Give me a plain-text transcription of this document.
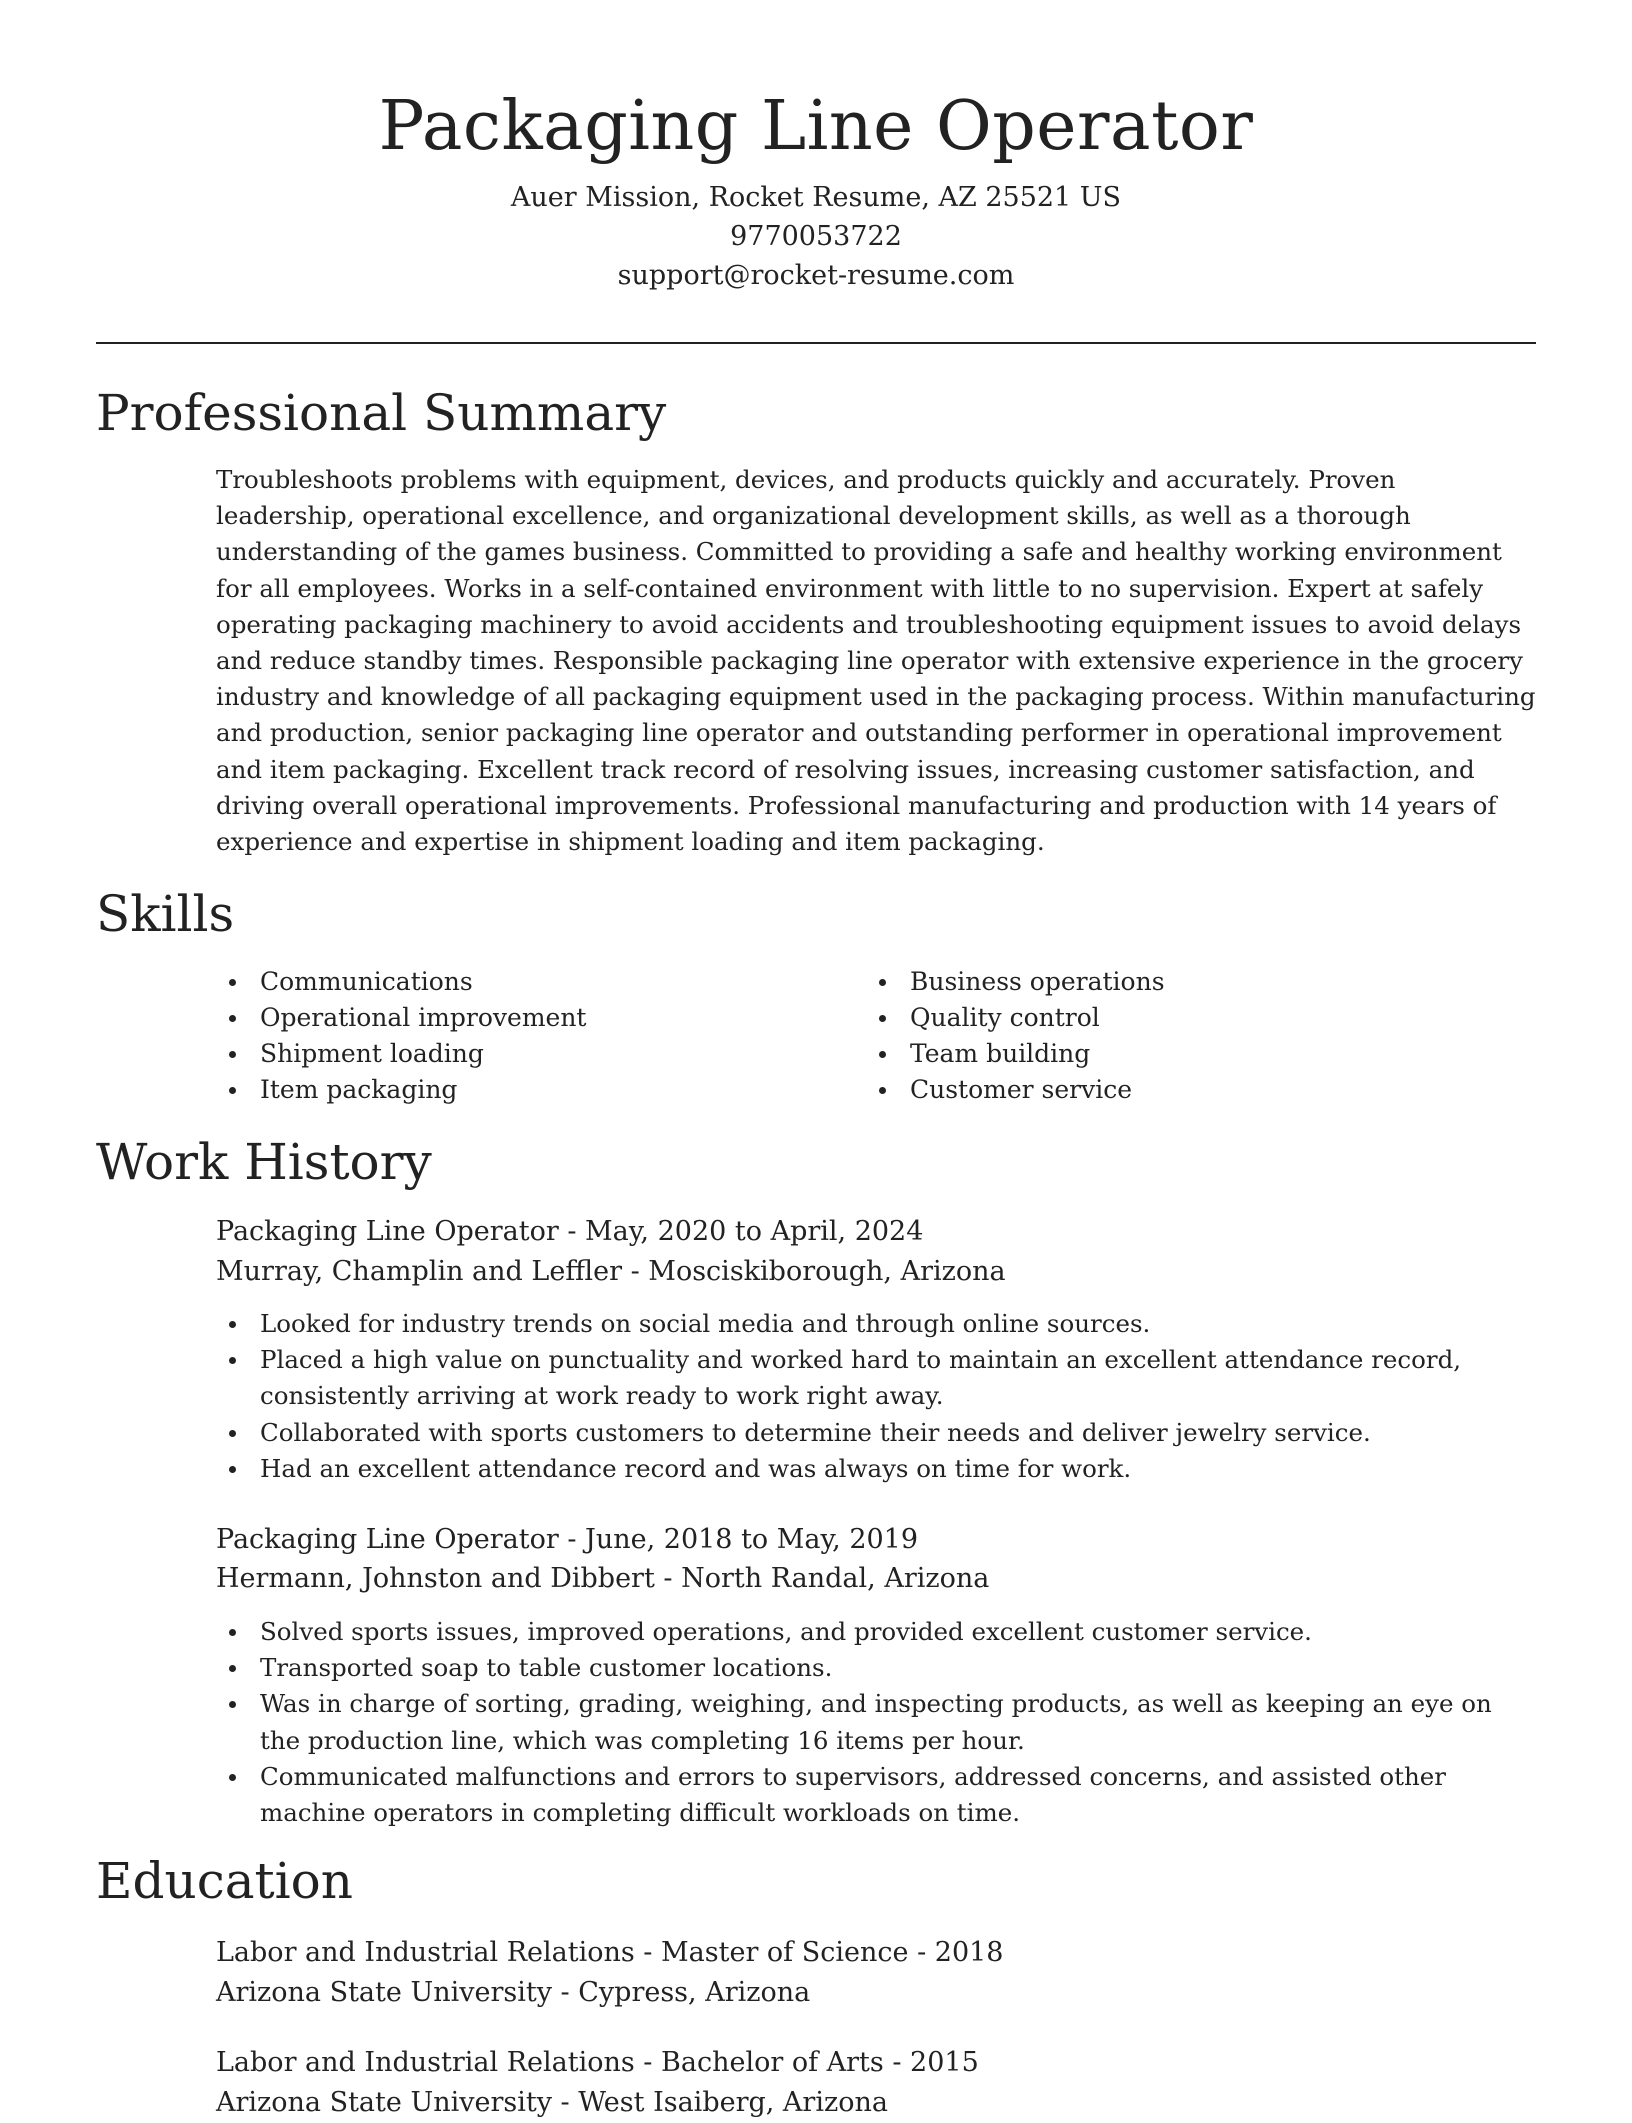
Packaging Line Operator
Auer Mission, Rocket Resume, AZ 25521 US
9770053722
support@rocket-resume.com
Professional Summary

Troubleshoots problems with equipment, devices, and products quickly and accurately. Proven leadership, operational excellence, and organizational development skills, as well as a thorough understanding of the games business. Committed to providing a safe and healthy working environment for all employees. Works in a self-contained environment with little to no supervision. Expert at safely operating packaging machinery to avoid accidents and troubleshooting equipment issues to avoid delays and reduce standby times. Responsible packaging line operator with extensive experience in the grocery industry and knowledge of all packaging equipment used in the packaging process. Within manufacturing and production, senior packaging line operator and outstanding performer in operational improvement and item packaging. Excellent track record of resolving issues, increasing customer satisfaction, and driving overall operational improvements. Professional manufacturing and production with 14 years of experience and expertise in shipment loading and item packaging.

Skills
Communications
Operational improvement
Shipment loading
Item packaging
Business operations
Quality control
Team building
Customer service
Work History
Packaging Line Operator - May, 2020 to April, 2024
Murray, Champlin and Leffler - Mosciskiborough, Arizona
Looked for industry trends on social media and through online sources.
Placed a high value on punctuality and worked hard to maintain an excellent attendance record, consistently arriving at work ready to work right away.
Collaborated with sports customers to determine their needs and deliver jewelry service.
Had an excellent attendance record and was always on time for work.
Packaging Line Operator - June, 2018 to May, 2019
Hermann, Johnston and Dibbert - North Randal, Arizona
Solved sports issues, improved operations, and provided excellent customer service.
Transported soap to table customer locations.
Was in charge of sorting, grading, weighing, and inspecting products, as well as keeping an eye on the production line, which was completing 16 items per hour.
Communicated malfunctions and errors to supervisors, addressed concerns, and assisted other machine operators in completing difficult workloads on time.
Education
Labor and Industrial Relations - Master of Science - 2018
Arizona State University - Cypress, Arizona
Labor and Industrial Relations - Bachelor of Arts - 2015
Arizona State University - West Isaiberg, Arizona
